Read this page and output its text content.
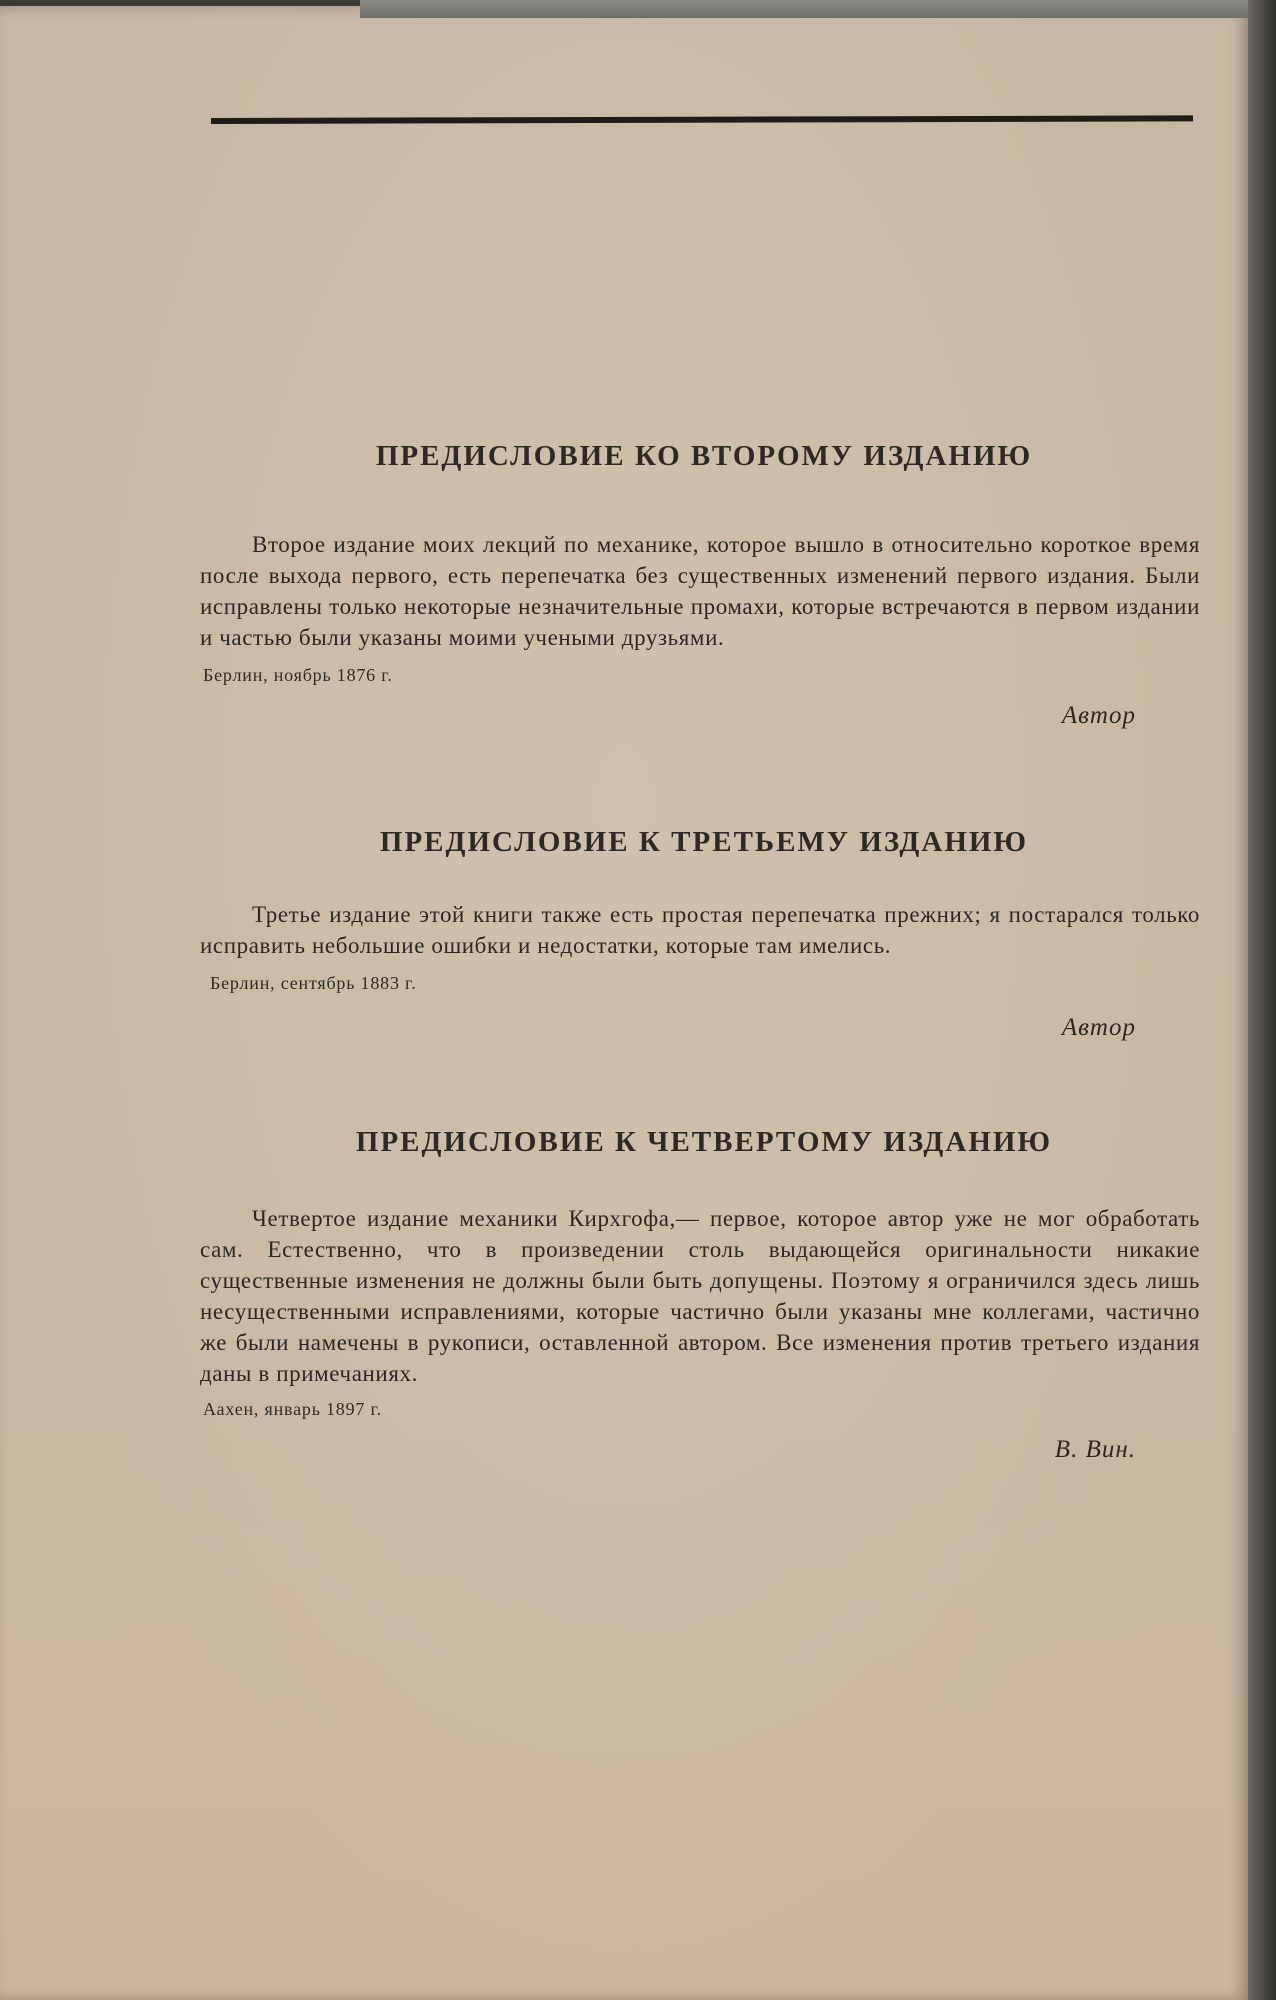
ПРЕДИСЛОВИЕ КО ВТОРОМУ ИЗДАНИЮ

Второе издание моих лекций по механике, которое вышло в относительно короткое время после выхода первого, есть перепечатка без существенных изменений первого издания. Были исправлены только некоторые незначительные промахи, которые встречаются в первом издании и частью были указаны моими учеными друзьями.

Берлин, ноябрь 1876 г.

Автор

ПРЕДИСЛОВИЕ К ТРЕТЬЕМУ ИЗДАНИЮ

Третье издание этой книги также есть простая перепечатка прежних; я постарался только исправить небольшие ошибки и недостатки, которые там имелись.

Берлин, сентябрь 1883 г.

Автор

ПРЕДИСЛОВИЕ К ЧЕТВЕРТОМУ ИЗДАНИЮ

Четвертое издание механики Кирхгофа,— первое, которое автор уже не мог обработать сам. Естественно, что в произведении столь выдающейся оригинальности никакие существенные изменения не должны были быть допущены. Поэтому я ограничился здесь лишь несущественными исправлениями, которые частично были указаны мне коллегами, частично же были намечены в рукописи, оставленной автором. Все изменения против третьего издания даны в примечаниях.

Аахен, январь 1897 г.

В. Вин.
